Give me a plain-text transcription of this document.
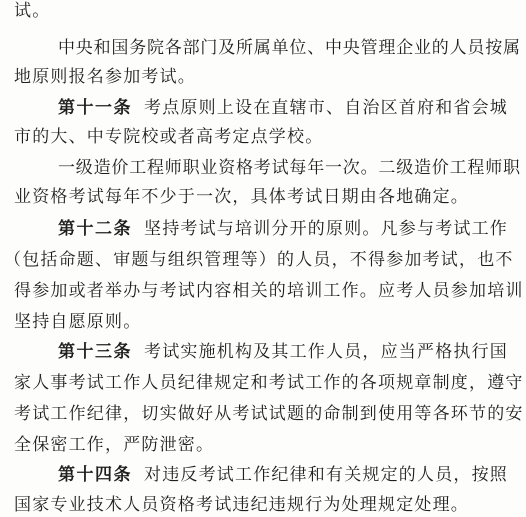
试。
中央和国务院各部门及所属单位、中央管理企业的人员按属
地原则报名参加考试。
第十一条 考点原则上设在直辖市、自治区首府和省会城
市的大、中专院校或者高考定点学校。
一级造价工程师职业资格考试每年一次。二级造价工程师职
业资格考试每年不少于一次，具体考试日期由各地确定。
第十二条 坚持考试与培训分开的原则。凡参与考试工作
（包括命题、审题与组织管理等）的人员，不得参加考试，也不
得参加或者举办与考试内容相关的培训工作。应考人员参加培训
坚持自愿原则。
第十三条 考试实施机构及其工作人员，应当严格执行国
家人事考试工作人员纪律规定和考试工作的各项规章制度，遵守
考试工作纪律，切实做好从考试试题的命制到使用等各环节的安
全保密工作，严防泄密。
第十四条 对违反考试工作纪律和有关规定的人员，按照
国家专业技术人员资格考试违纪违规行为处理规定处理。
